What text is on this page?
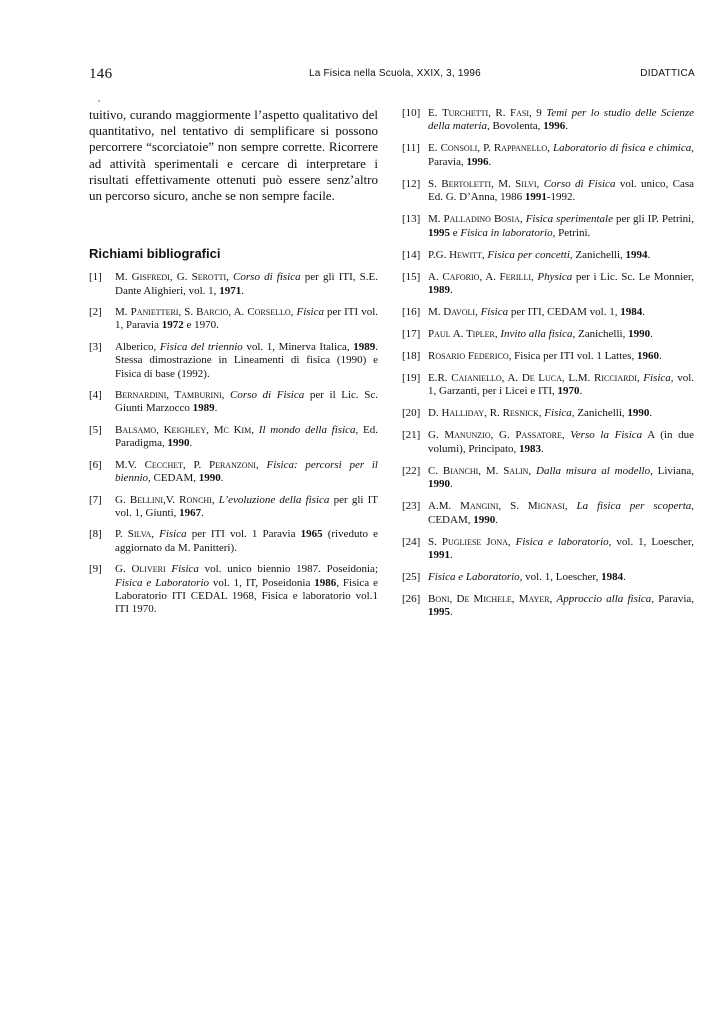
146	La Fisica nella Scuola, XXIX, 3, 1996	DIDATTICA

tuitivo, curando maggiormente l’aspetto qualitativo del quantitativo, nel tentativo di semplificare si possono percorrere “scorciatoie” non sempre corrette. Ricorrere ad attività sperimentali e cercare di interpretare i risultati effettivamente ottenuti può essere senz’altro un percorso sicuro, anche se non sempre facile.

Richiami bibliografici
[1]	M. Gisfredi, G. Serotti, Corso di fisica per gli ITI, S.E. Dante Alighieri, vol. 1, 1971.
[2]	M. Panietteri, S. Barcio, A. Corsello, Fisica per ITI vol. 1, Paravia 1972 e 1970.
[3]	Alberico, Fisica del triennio vol. 1, Minerva Italica, 1989. Stessa dimostrazione in Lineamenti di fisica (1990) e Fisica di base (1992).
[4]	Bernardini, Tamburini, Corso di Fisica per il Lic. Sc. Giunti Marzocco 1989.
[5]	Balsamo, Keighley, Mc Kim, Il mondo della fisica, Ed. Paradigma, 1990.
[6]	M.V. Cecchet, P. Peranzoni, Fisica: percorsi per il biennio, CEDAM, 1990.
[7]	G. Bellini,V. Ronchi, L’evoluzione della fisica per gli IT vol. 1, Giunti, 1967.
[8]	P. Silva, Fisica per ITI vol. 1 Paravia 1965 (riveduto e aggiornato da M. Panitteri).
[9]	G. Oliveri Fisica vol. unico biennio 1987. Poseidonia; Fisica e Laboratorio vol. 1, IT, Poseidonia 1986, Fisica e Laboratorio ITI CEDAL 1968, Fisica e laboratorio vol.1 ITI 1970.
[10] E. Turchetti, R. Fasi, 9 Temi per lo studio delle Scienze della materia, Bovolenta, 1996.
[11] E. Consoli, P. Rappanello, Laboratorio di fisica e chimica, Paravia, 1996.
[12] S. Bertoletti, M. Silvi, Corso di Fisica vol. unico, Casa Ed. G. D’Anna, 1986 1991-1992.
[13] M. Palladino Bosia, Fisica sperimentale per gli IP. Petrini, 1995 e Fisica in laboratorio, Petrini.
[14] P.G. Hewitt, Fisica per concetti, Zanichelli, 1994.
[15] A. Caforio, A. Ferilli, Physica per i Lic. Sc. Le Monnier, 1989.
[16] M. Davoli, Fisica per ITI, CEDAM vol. 1, 1984.
[17] Paul A. Tipler, Invito alla fisica, Zanichelli, 1990.
[18] Rosario Federico, Fisica per ITI vol. 1 Lattes, 1960.
[19] E.R. Caianiello, A. De Luca, L.M. Ricciardi, Fisica, vol. 1, Garzanti, per i Licei e ITI, 1970.
[20] D. Halliday, R. Resnick, Fisica, Zanichelli, 1990.
[21] G. Manunzio, G. Passatore, Verso la Fisica A (in due volumi), Principato, 1983.
[22] C. Bianchi, M. Salin, Dalla misura al modello, Liviana, 1990.
[23] A.M. Mangini, S. Mignasi, La fisica per scoperta, CEDAM, 1990.
[24] S. Pugliese Jona, Fisica e laboratorio, vol. 1, Loescher, 1991.
[25] Fisica e Laboratorio, vol. 1, Loescher, 1984.
[26] Boni, De Michele, Mayer, Approccio alla fisica, Paravia, 1995.
